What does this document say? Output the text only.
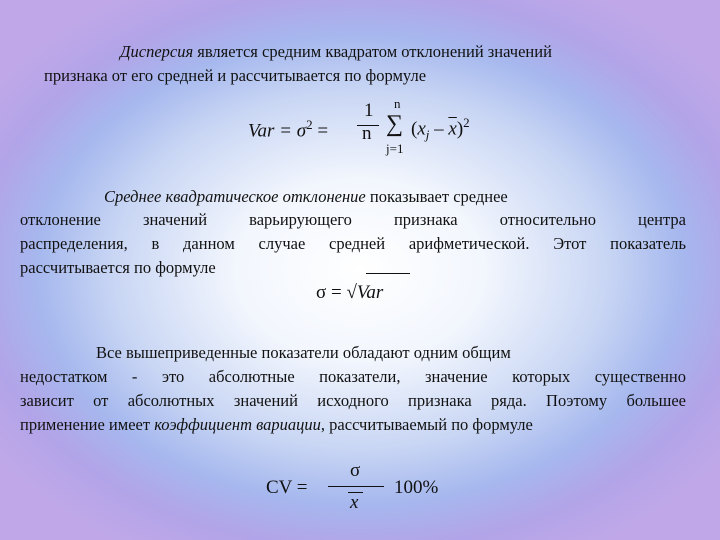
Дисперсия является средним квадратом отклонений значений
признака от его средней и рассчитывается по формуле
Var = $\sigma^2$ =
1
n
n
∑
j=1
$(x_j - \overline{x})^2$
Среднее квадратическое отклонение показывает среднее
отклонение значений варьирующего признака относительно центра
распределения, в данном случае средней арифметической. Этот показатель
рассчитывается по формуле
σ = √Var
Все вышеприведенные показатели обладают одним общим
недостатком - это абсолютные показатели, значение которых существенно
зависит от абсолютных значений исходного признака ряда. Поэтому большее
применение имеет коэффициент вариации, рассчитываемый по формуле
CV =
σ
x
100%
